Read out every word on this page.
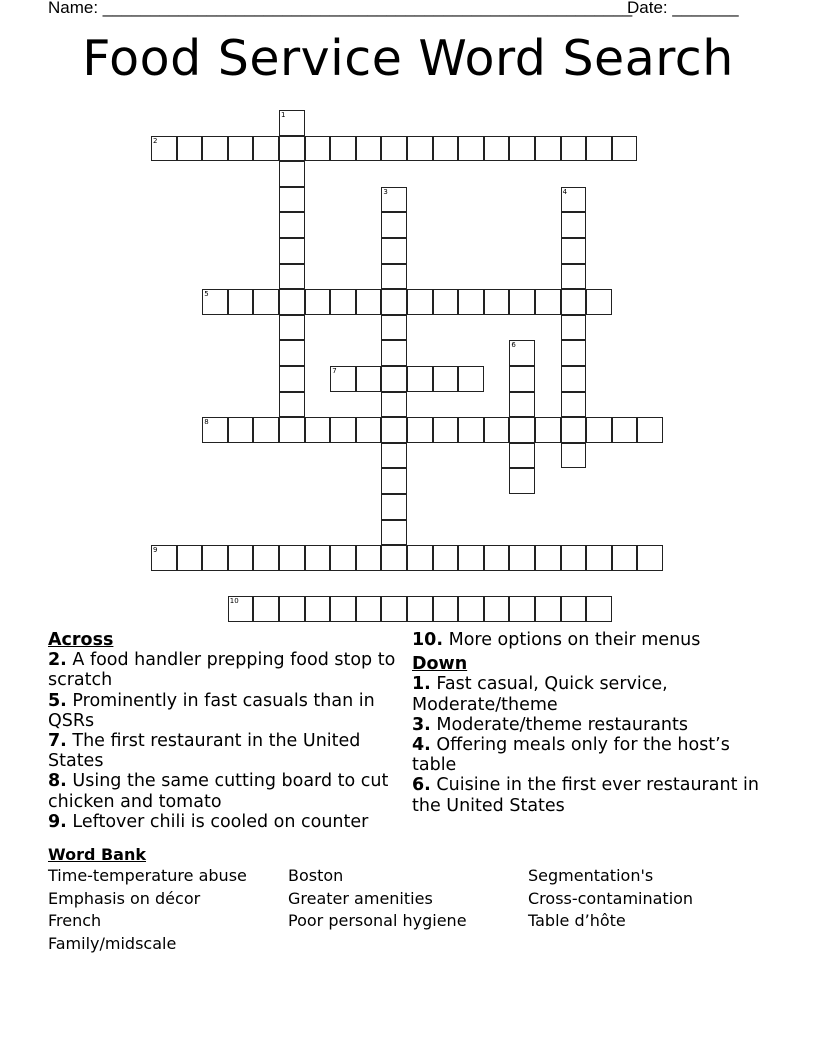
Name: ________________________________________________________
Date: _______
Food Service Word Search
1
2
3	4
5
6
7
8
9
10
Across
2. A food handler prepping food stop to scratch
5. Prominently in fast casuals than in QSRs
7. The first restaurant in the United States
8. Using the same cutting board to cut chicken and tomato
9. Leftover chili is cooled on counter
10. More options on their menus
Down
1. Fast casual, Quick service, Moderate/theme
3. Moderate/theme restaurants
4. Offering meals only for the host’s table
6. Cuisine in the first ever restaurant in the United States
Word Bank
Time-temperature abuse	Boston	Segmentation's
Emphasis on décor	Greater amenities	Cross-contamination
French	Poor personal hygiene	Table d’hôte
Family/midscale
